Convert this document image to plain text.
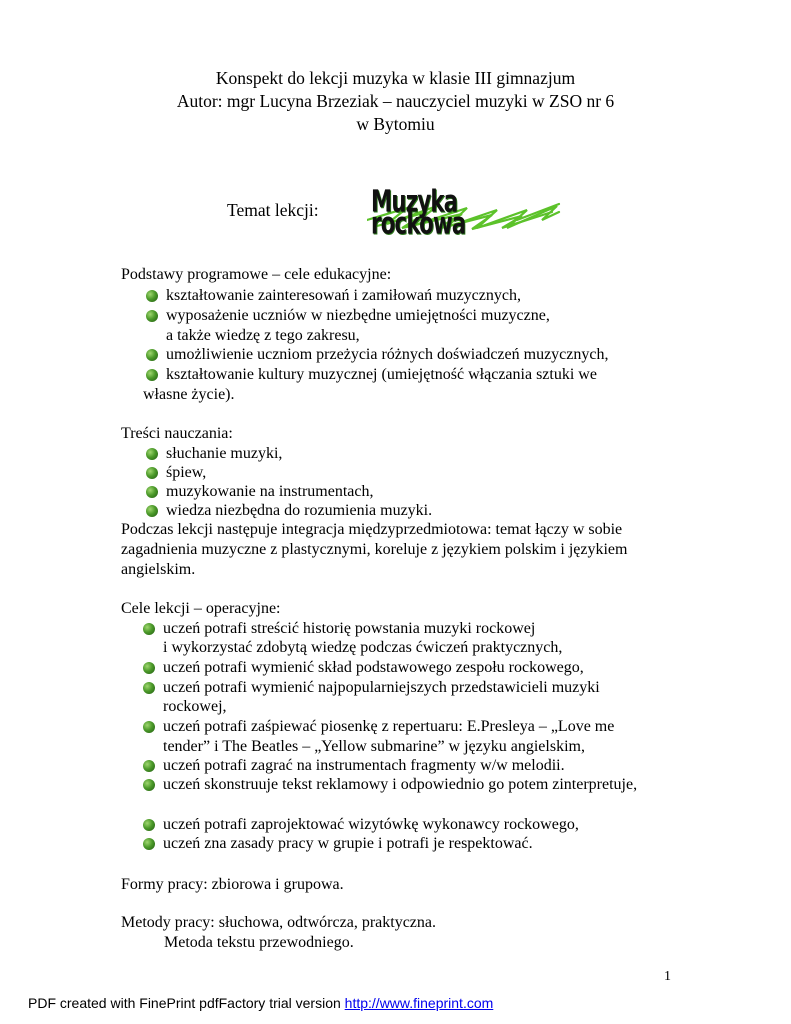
Konspekt do lekcji muzyka w klasie III gimnazjum
Autor: mgr Lucyna Brzeziak – nauczyciel muzyki w ZSO nr 6
w Bytomiu
Temat lekcji: Muzyka rockowa
Podstawy programowe – cele edukacyjne:
kształtowanie zainteresowań i zamiłowań muzycznych,
wyposażenie uczniów w niezbędne umiejętności muzyczne,
a także wiedzę z tego zakresu,
umożliwienie uczniom przeżycia różnych doświadczeń muzycznych,
kształtowanie kultury muzycznej (umiejętność włączania sztuki we
własne życie).
Treści nauczania:
słuchanie muzyki,
śpiew,
muzykowanie na instrumentach,
wiedza niezbędna do rozumienia muzyki.
Podczas lekcji następuje integracja międzyprzedmiotowa: temat łączy w sobie
zagadnienia muzyczne z plastycznymi, koreluje z językiem polskim i językiem
angielskim.
Cele lekcji – operacyjne:
uczeń potrafi streścić historię powstania muzyki rockowej
i wykorzystać zdobytą wiedzę podczas ćwiczeń praktycznych,
uczeń potrafi wymienić skład podstawowego zespołu rockowego,
uczeń potrafi wymienić najpopularniejszych przedstawicieli muzyki
rockowej,
uczeń potrafi zaśpiewać piosenkę z repertuaru: E.Presleya – „Love me
tender” i The Beatles – „Yellow submarine” w języku angielskim,
uczeń potrafi zagrać na instrumentach fragmenty w/w melodii.
uczeń skonstruuje tekst reklamowy i odpowiednio go potem zinterpretuje,
uczeń potrafi zaprojektować wizytówkę wykonawcy rockowego,
uczeń zna zasady pracy w grupie i potrafi je respektować.
Formy pracy: zbiorowa i grupowa.
Metody pracy: słuchowa, odtwórcza, praktyczna.
Metoda tekstu przewodniego.
1
PDF created with FinePrint pdfFactory trial version http://www.fineprint.com
